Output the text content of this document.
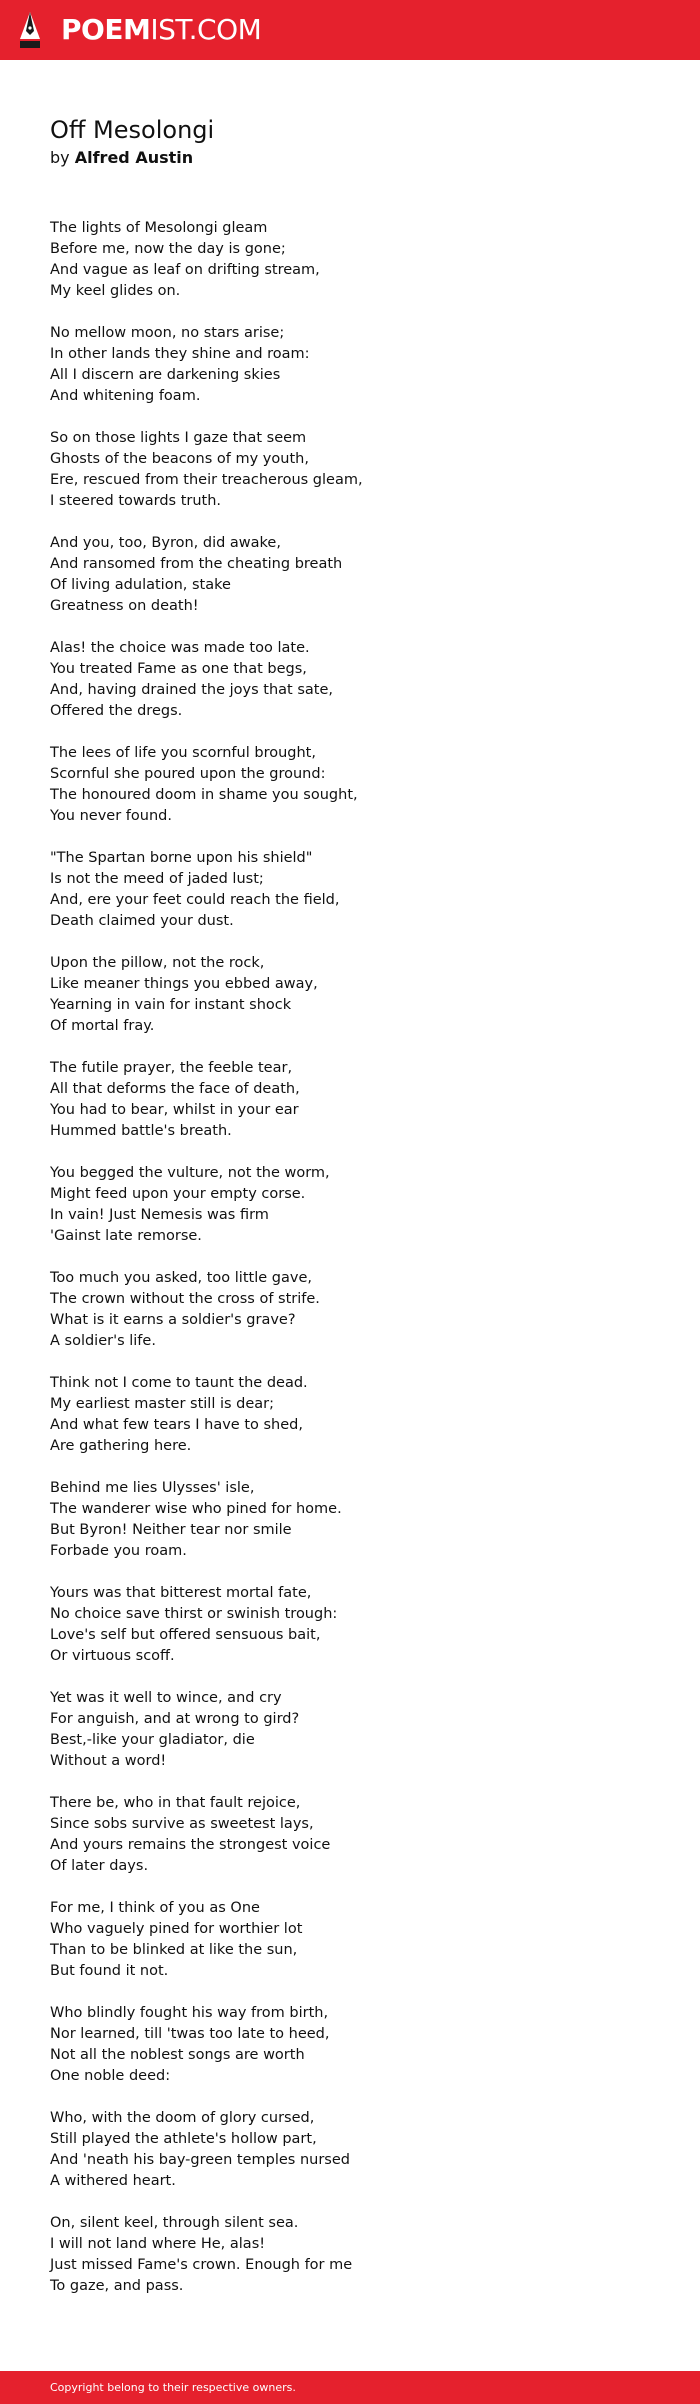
POEMIST.COM
Off Mesolongi
by Alfred Austin
The lights of Mesolongi gleam
Before me, now the day is gone;
And vague as leaf on drifting stream,
My keel glides on.
No mellow moon, no stars arise;
In other lands they shine and roam:
All I discern are darkening skies
And whitening foam.
So on those lights I gaze that seem
Ghosts of the beacons of my youth,
Ere, rescued from their treacherous gleam,
I steered towards truth.
And you, too, Byron, did awake,
And ransomed from the cheating breath
Of living adulation, stake
Greatness on death!
Alas! the choice was made too late.
You treated Fame as one that begs,
And, having drained the joys that sate,
Offered the dregs.
The lees of life you scornful brought,
Scornful she poured upon the ground:
The honoured doom in shame you sought,
You never found.
"The Spartan borne upon his shield"
Is not the meed of jaded lust;
And, ere your feet could reach the field,
Death claimed your dust.
Upon the pillow, not the rock,
Like meaner things you ebbed away,
Yearning in vain for instant shock
Of mortal fray.
The futile prayer, the feeble tear,
All that deforms the face of death,
You had to bear, whilst in your ear
Hummed battle's breath.
You begged the vulture, not the worm,
Might feed upon your empty corse.
In vain! Just Nemesis was firm
'Gainst late remorse.
Too much you asked, too little gave,
The crown without the cross of strife.
What is it earns a soldier's grave?
A soldier's life.
Think not I come to taunt the dead.
My earliest master still is dear;
And what few tears I have to shed,
Are gathering here.
Behind me lies Ulysses' isle,
The wanderer wise who pined for home.
But Byron! Neither tear nor smile
Forbade you roam.
Yours was that bitterest mortal fate,
No choice save thirst or swinish trough:
Love's self but offered sensuous bait,
Or virtuous scoff.
Yet was it well to wince, and cry
For anguish, and at wrong to gird?
Best,-like your gladiator, die
Without a word!
There be, who in that fault rejoice,
Since sobs survive as sweetest lays,
And yours remains the strongest voice
Of later days.
For me, I think of you as One
Who vaguely pined for worthier lot
Than to be blinked at like the sun,
But found it not.
Who blindly fought his way from birth,
Nor learned, till 'twas too late to heed,
Not all the noblest songs are worth
One noble deed:
Who, with the doom of glory cursed,
Still played the athlete's hollow part,
And 'neath his bay-green temples nursed
A withered heart.
On, silent keel, through silent sea.
I will not land where He, alas!
Just missed Fame's crown. Enough for me
To gaze, and pass.
Copyright belong to their respective owners.
